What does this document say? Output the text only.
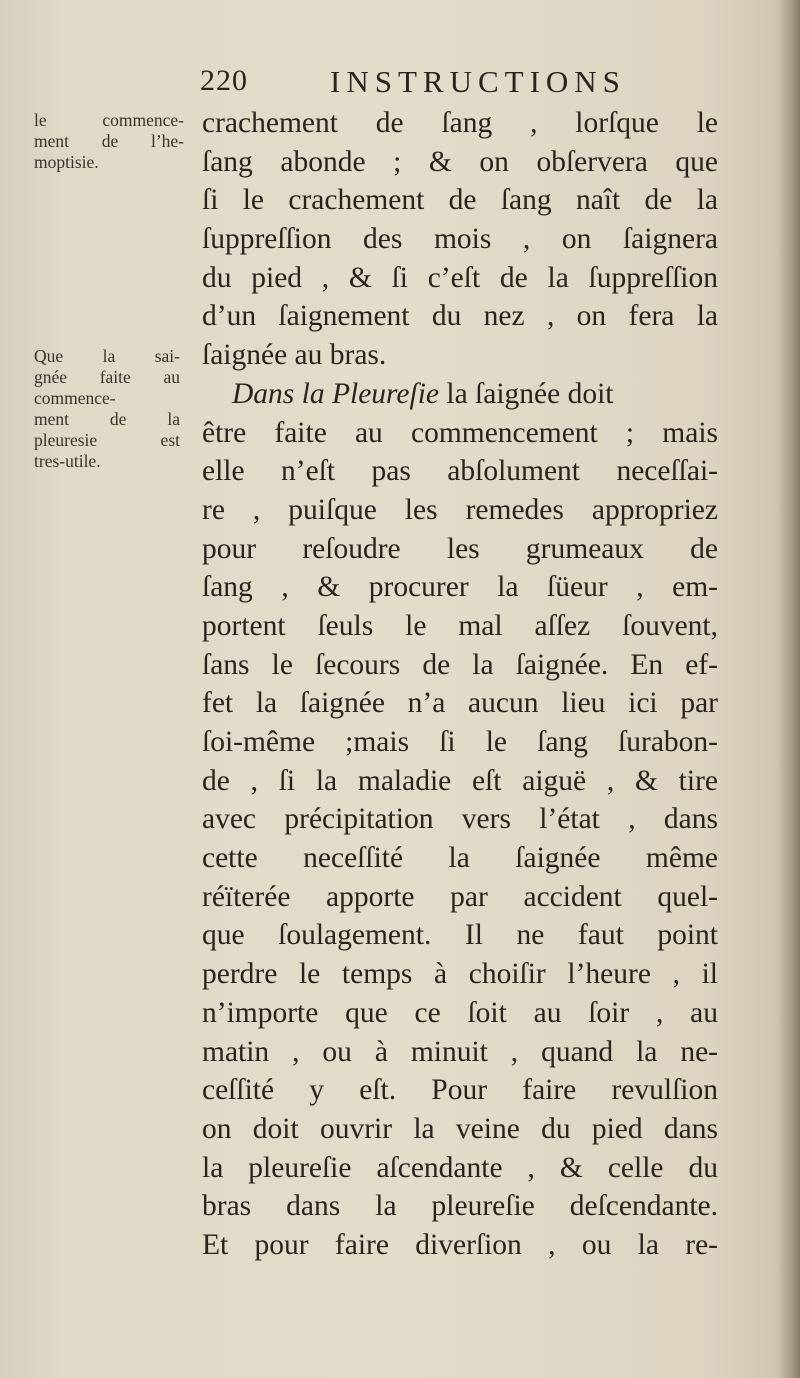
220	INSTRUCTIONS
le commence-
ment de l’he-
moptisie.
Que la sai-
gnée faite au
commence-
ment de la
pleuresie est
tres-utile.
crachement de ſang , lorſque le
ſang abonde ; & on obſervera que
ſi le crachement de ſang naît de la
ſuppreſſion des mois , on ſaignera
du pied , & ſi c’eſt de la ſuppreſſion
d’un ſaignement du nez , on fera la
ſaignée au bras.
Dans la Pleureſie la ſaignée doit
être faite au commencement ; mais
elle n’eſt pas abſolument neceſſai-
re , puiſque les remedes appropriez
pour reſoudre les grumeaux de
ſang , & procurer la ſüeur , em-
portent ſeuls le mal aſſez ſouvent,
ſans le ſecours de la ſaignée. En ef-
fet la ſaignée n’a aucun lieu ici par
ſoi-même ;mais ſi le ſang ſurabon-
de , ſi la maladie eſt aiguë , & tire
avec précipitation vers l’état , dans
cette neceſſité la ſaignée même
réïterée apporte par accident quel-
que ſoulagement. Il ne faut point
perdre le temps à choiſir l’heure , il
n’importe que ce ſoit au ſoir , au
matin , ou à minuit , quand la ne-
ceſſité y eſt. Pour faire revulſion
on doit ouvrir la veine du pied dans
la pleureſie aſcendante , & celle du
bras dans la pleureſie deſcendante.
Et pour faire diverſion , ou la re-
